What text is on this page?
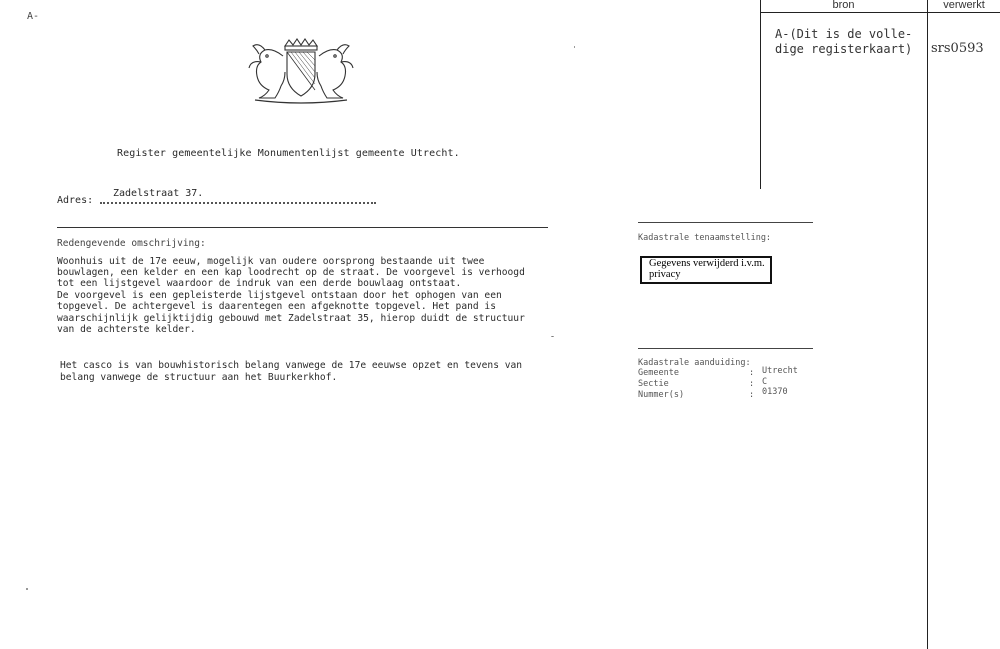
A-
Register gemeentelijke Monumentenlijst gemeente Utrecht.
Adres:
Zadelstraat 37.
Redengevende omschrijving:
Woonhuis uit de 17e eeuw, mogelijk van oudere oorsprong bestaande uit twee
bouwlagen, een kelder en een kap loodrecht op de straat. De voorgevel is verhoogd
tot een lijstgevel waardoor de indruk van een derde bouwlaag ontstaat.
De voorgevel is een gepleisterde lijstgevel ontstaan door het ophogen van een
topgevel. De achtergevel is daarentegen een afgeknotte topgevel. Het pand is
waarschijnlijk gelijktijdig gebouwd met Zadelstraat 35, hierop duidt de structuur
van de achterste kelder.
Het casco is van bouwhistorisch belang vanwege de 17e eeuwse opzet en tevens van
belang vanwege de structuur aan het Buurkerkhof.
Kadastrale tenaamstelling:
Gegevens verwijderd i.v.m. privacy
Kadastrale aanduiding:
Gemeente	: Utrecht
Sectie	: C
Nummer(s)	: 01370
bron	verwerkt
A-(Dit is de volle-
dige registerkaart) srs0593
